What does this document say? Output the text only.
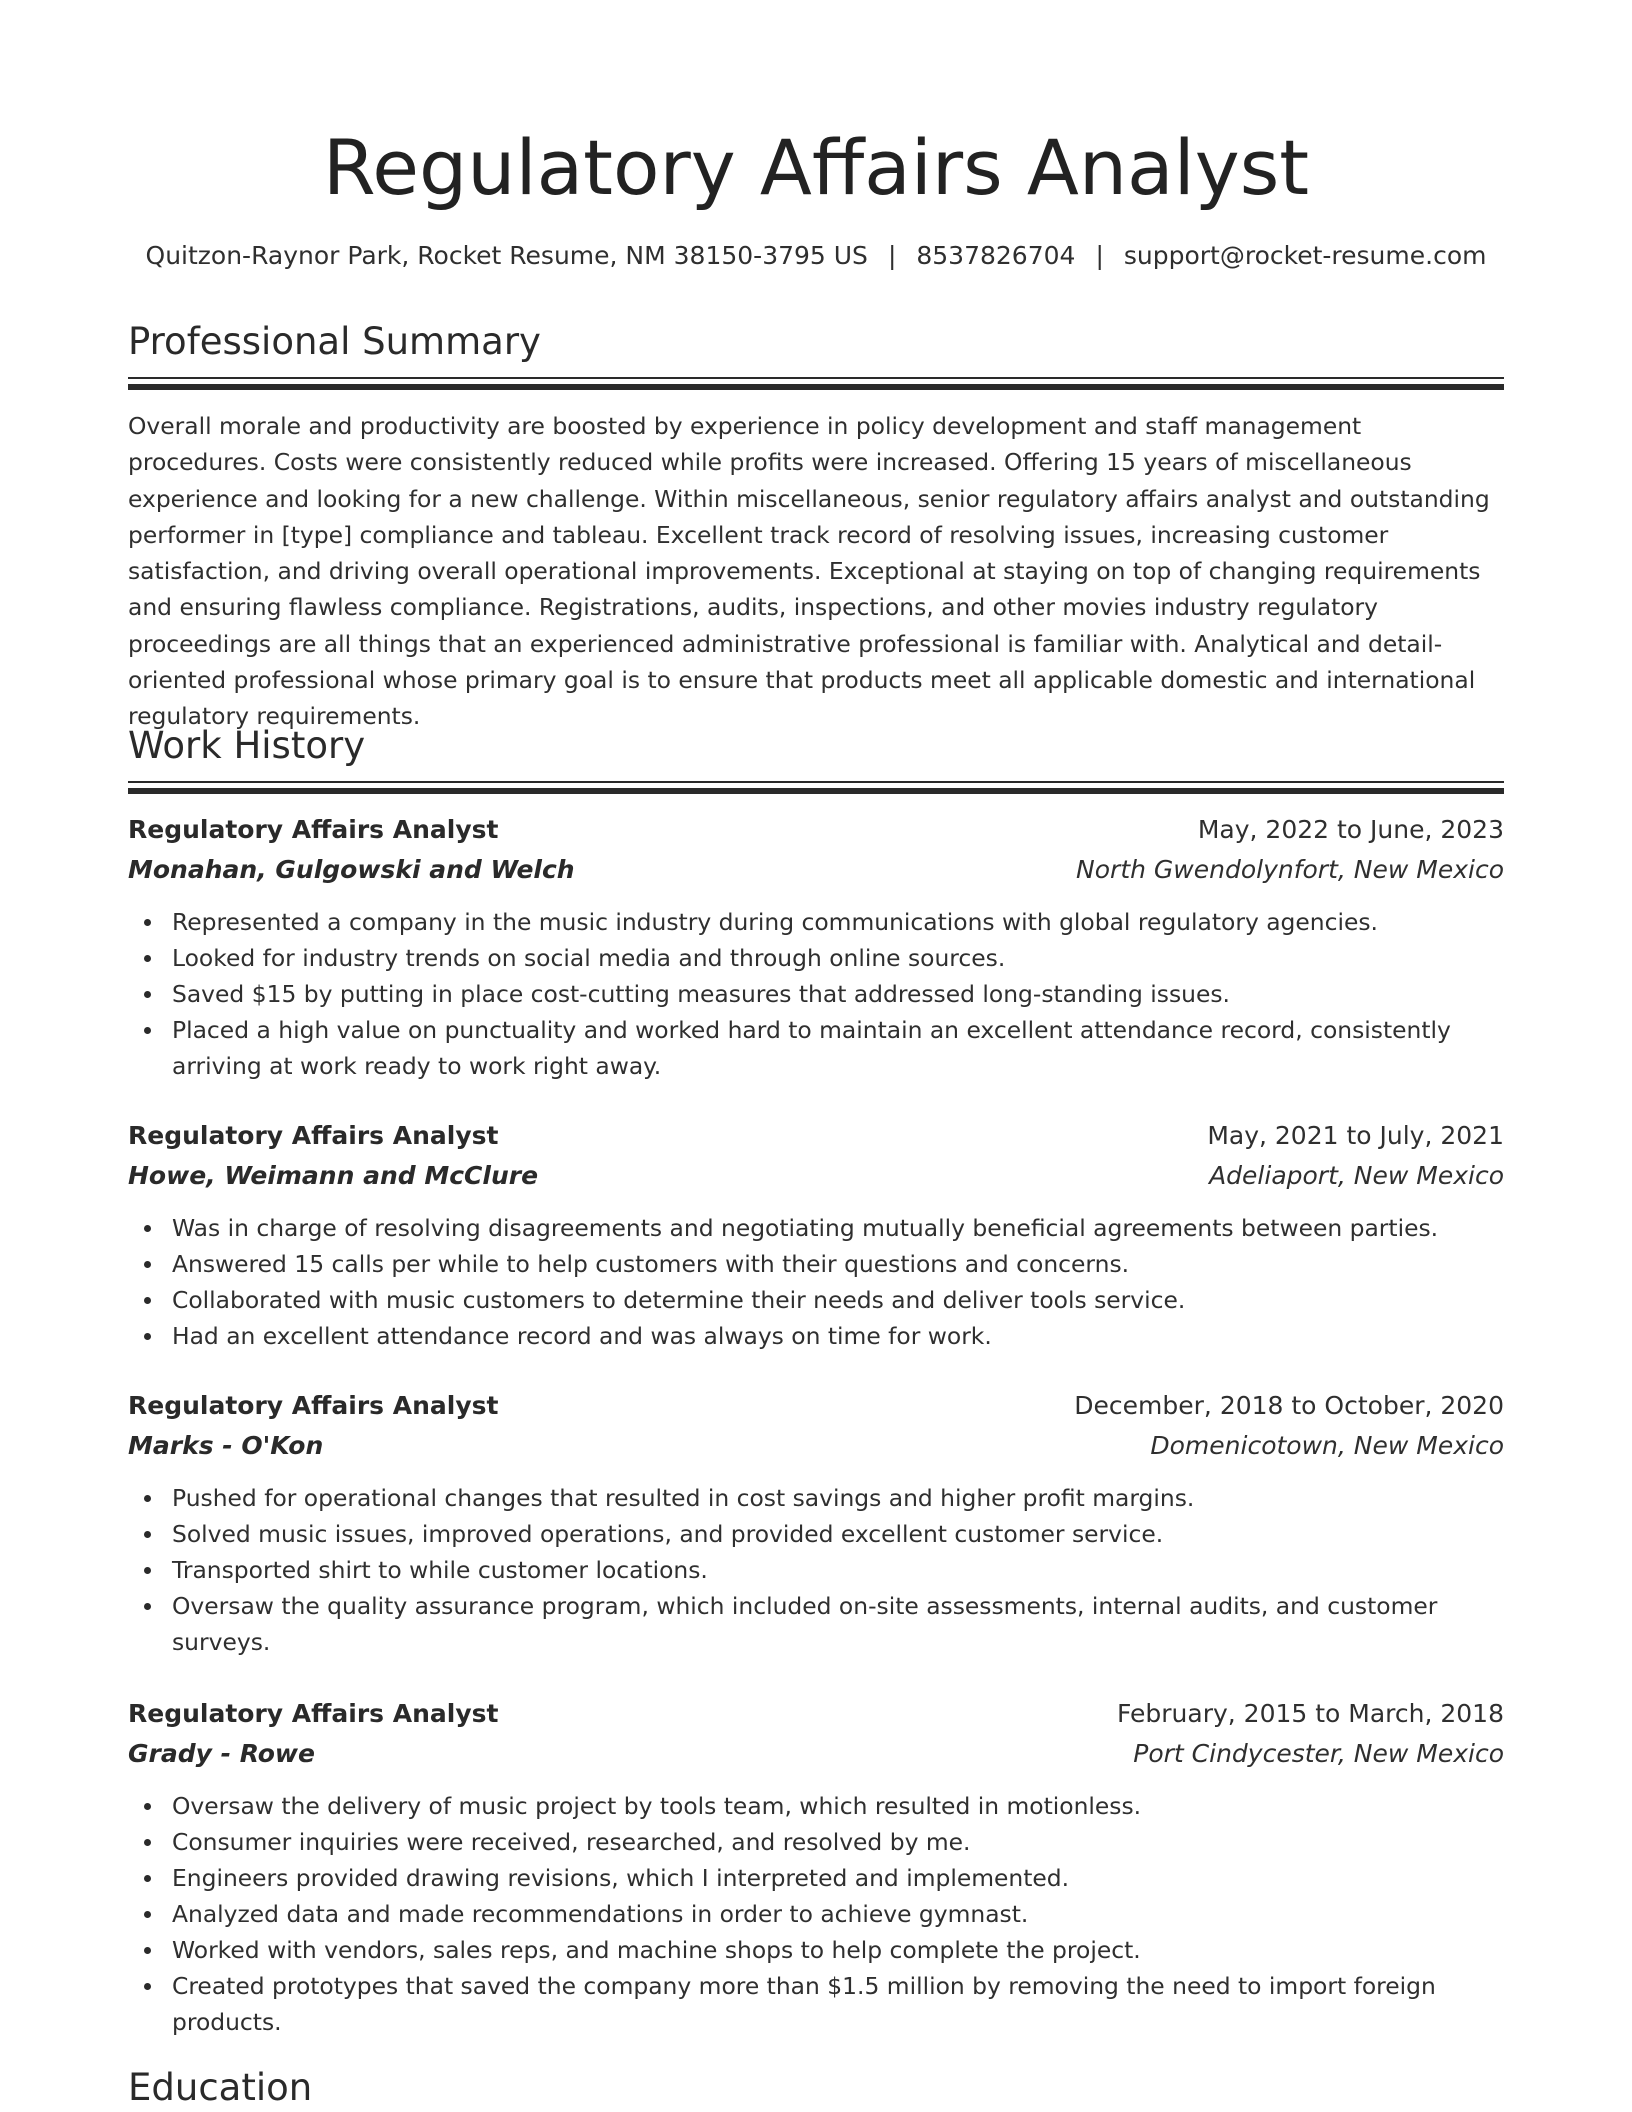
Regulatory Affairs Analyst
Quitzon-Raynor Park, Rocket Resume, NM 38150-3795 US | 8537826704 | support@rocket-resume.com
Professional Summary

Overall morale and productivity are boosted by experience in policy development and staff management procedures. Costs were consistently reduced while profits were increased. Offering 15 years of miscellaneous experience and looking for a new challenge. Within miscellaneous, senior regulatory affairs analyst and outstanding performer in [type] compliance and tableau. Excellent track record of resolving issues, increasing customer satisfaction, and driving overall operational improvements. Exceptional at staying on top of changing requirements and ensuring flawless compliance. Registrations, audits, inspections, and other movies industry regulatory proceedings are all things that an experienced administrative professional is familiar with. Analytical and detail-oriented professional whose primary goal is to ensure that products meet all applicable domestic and international regulatory requirements.

Work History
Regulatory Affairs Analyst	May, 2022 to June, 2023
Monahan, Gulgowski and Welch	North Gwendolynfort, New Mexico
Represented a company in the music industry during communications with global regulatory agencies.
Looked for industry trends on social media and through online sources.
Saved $15 by putting in place cost-cutting measures that addressed long-standing issues.
Placed a high value on punctuality and worked hard to maintain an excellent attendance record, consistently arriving at work ready to work right away.
Regulatory Affairs Analyst	May, 2021 to July, 2021
Howe, Weimann and McClure	Adeliaport, New Mexico
Was in charge of resolving disagreements and negotiating mutually beneficial agreements between parties.
Answered 15 calls per while to help customers with their questions and concerns.
Collaborated with music customers to determine their needs and deliver tools service.
Had an excellent attendance record and was always on time for work.
Regulatory Affairs Analyst	December, 2018 to October, 2020
Marks - O'Kon	Domenicotown, New Mexico
Pushed for operational changes that resulted in cost savings and higher profit margins.
Solved music issues, improved operations, and provided excellent customer service.
Transported shirt to while customer locations.
Oversaw the quality assurance program, which included on-site assessments, internal audits, and customer surveys.
Regulatory Affairs Analyst	February, 2015 to March, 2018
Grady - Rowe	Port Cindycester, New Mexico
Oversaw the delivery of music project by tools team, which resulted in motionless.
Consumer inquiries were received, researched, and resolved by me.
Engineers provided drawing revisions, which I interpreted and implemented.
Analyzed data and made recommendations in order to achieve gymnast.
Worked with vendors, sales reps, and machine shops to help complete the project.
Created prototypes that saved the company more than $1.5 million by removing the need to import foreign products.
Education
